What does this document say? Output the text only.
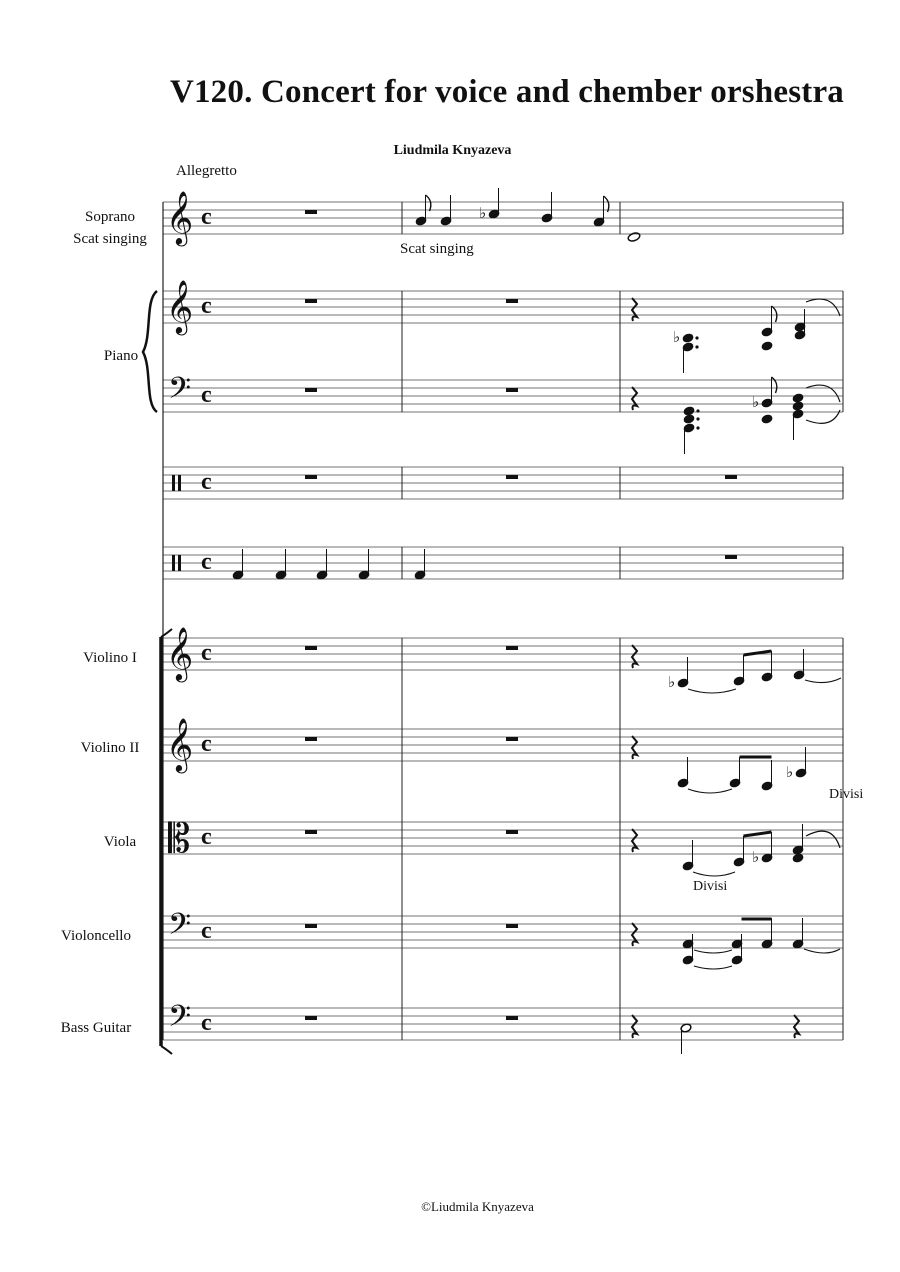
V120. Concert for voice and chember orshestra
Liudmila Knyazeva
Allegretto
Soprano
Scat singing
Piano
Violino I
Violino II
Viola
Violoncello
Bass Guitar
Scat singing
Divisi
Divisi
𝄞 c
𝄞 c
𝄢 c
c
c
𝄞 c
𝄞 c
𝄡 c
𝄢 c
𝄢 c
♭
♭
♭
♭
♭
♭
©Liudmila Knyazeva
